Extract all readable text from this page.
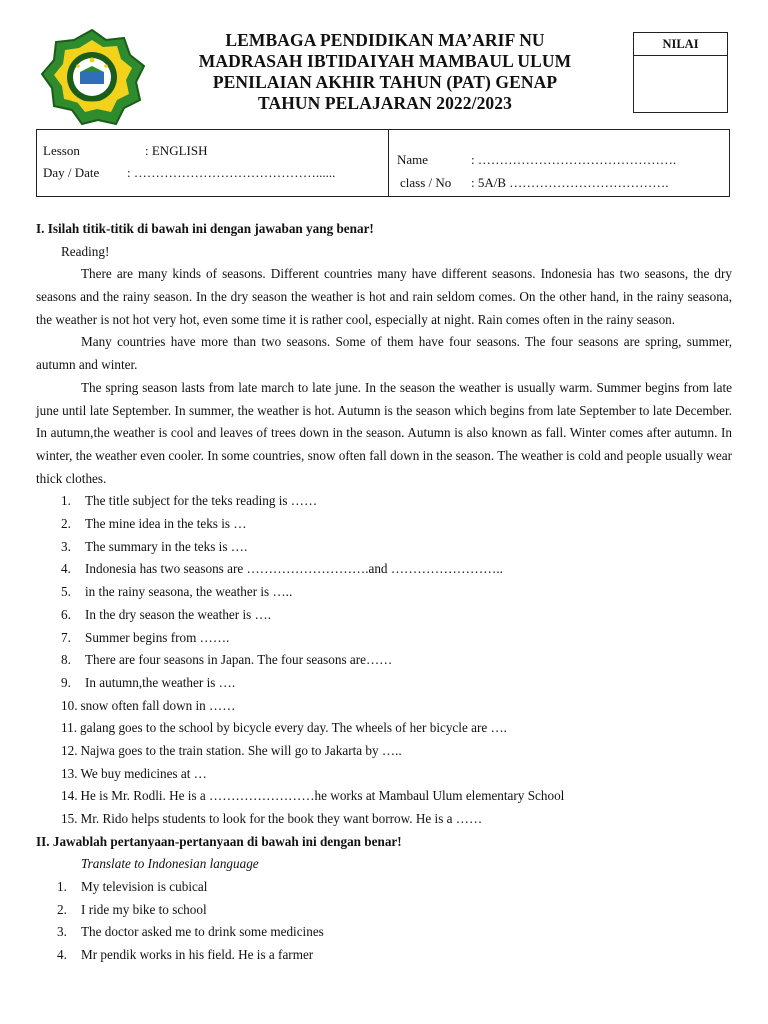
LEMBAGA PENDIDIKAN MA’ARIF NU
MADRASAH IBTIDAIYAH MAMBAUL ULUM
PENILAIAN AKHIR TAHUN (PAT) GENAP
TAHUN PELAJARAN 2022/2023
NILAI
Lesson	: ENGLISH
Day / Date : ……………………………………......
Name	: ……………………………………….
class / No : 5A/B ……………………………….
I. Isilah titik-titik di bawah ini dengan jawaban yang benar!
Reading!

There are many kinds of seasons. Different countries many have different seasons. Indonesia has two seasons, the dry seasons and the rainy season. In the dry season the weather is hot and rain seldom comes. On the other hand, in the rainy seasona, the weather is not hot very hot, even some time it is rather cool, especially at night. Rain comes often in the rainy season.

Many countries have more than two seasons. Some of them have four seasons. The four seasons are spring, summer, autumn and winter.

The spring season lasts from late march to late june. In the season the weather is usually warm. Summer begins from late june until late September. In summer, the weather is hot. Autumn is the season which begins from late September to late December. In autumn,the weather is cool and leaves of trees down in the season. Autumn is also known as fall. Winter comes after autumn. In winter, the weather even cooler. In some countries, snow often fall down in the season. The weather is cold and people usually wear thick clothes.

1. The title subject for the teks reading is ……
2. The mine idea in the teks is …
3. The summary in the teks is ….
4. Indonesia has two seasons are ……………………….and ……………………..
5. in the rainy seasona, the weather is …..
6. In the dry season the weather is ….
7. Summer begins from …….
8. There are four seasons in Japan. The four seasons are……
9. In autumn,the weather is ….
10. snow often fall down in ……
11. galang goes to the school by bicycle every day. The wheels of her bicycle are ….
12. Najwa goes to the train station. She will go to Jakarta by …..
13. We buy medicines at …
14. He is Mr. Rodli. He is a ……………………he works at Mambaul Ulum elementary School
15. Mr. Rido helps students to look for the book they want borrow. He is a ……
II. Jawablah pertanyaan-pertanyaan di bawah ini dengan benar!
Translate to Indonesian language
1. My television is cubical
2. I ride my bike to school
3. The doctor asked me to drink some medicines
4. Mr pendik works in his field. He is a farmer
